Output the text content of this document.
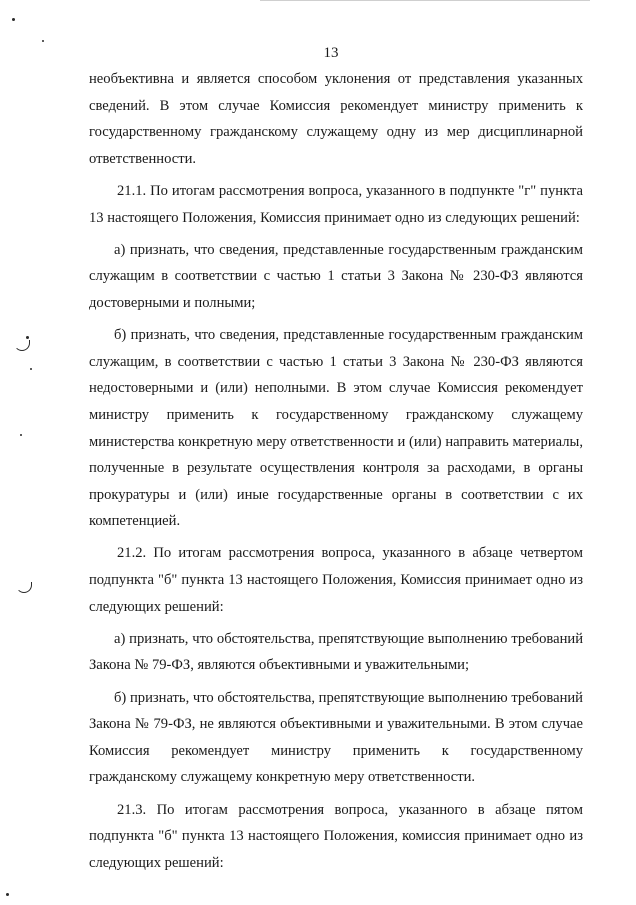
13

необъективна и является способом уклонения от представления указанных сведений. В этом случае Комиссия рекомендует министру применить к государственному гражданскому служащему одну из мер дисциплинарной ответственности.

21.1. По итогам рассмотрения вопроса, указанного в подпункте "г" пункта 13 настоящего Положения, Комиссия принимает одно из следующих решений:

а) признать, что сведения, представленные государственным гражданским служащим в соответствии с частью 1 статьи 3 Закона № 230-ФЗ являются достоверными и полными;

б) признать, что сведения, представленные государственным гражданским служащим, в соответствии с частью 1 статьи 3 Закона № 230-ФЗ являются недостоверными и (или) неполными. В этом случае Комиссия рекомендует министру применить к государственному гражданскому служащему министерства конкретную меру ответственности и (или) направить материалы, полученные в результате осуществления контроля за расходами, в органы прокуратуры и (или) иные государственные органы в соответствии с их компетенцией.

21.2. По итогам рассмотрения вопроса, указанного в абзаце четвертом подпункта "б" пункта 13 настоящего Положения, Комиссия принимает одно из следующих решений:

а) признать, что обстоятельства, препятствующие выполнению требований Закона № 79-ФЗ, являются объективными и уважительными;

б) признать, что обстоятельства, препятствующие выполнению требований Закона № 79-ФЗ, не являются объективными и уважительными. В этом случае Комиссия рекомендует министру применить к государственному гражданскому служащему конкретную меру ответственности.

21.3. По итогам рассмотрения вопроса, указанного в абзаце пятом подпункта "б" пункта 13 настоящего Положения, комиссия принимает одно из следующих решений:
